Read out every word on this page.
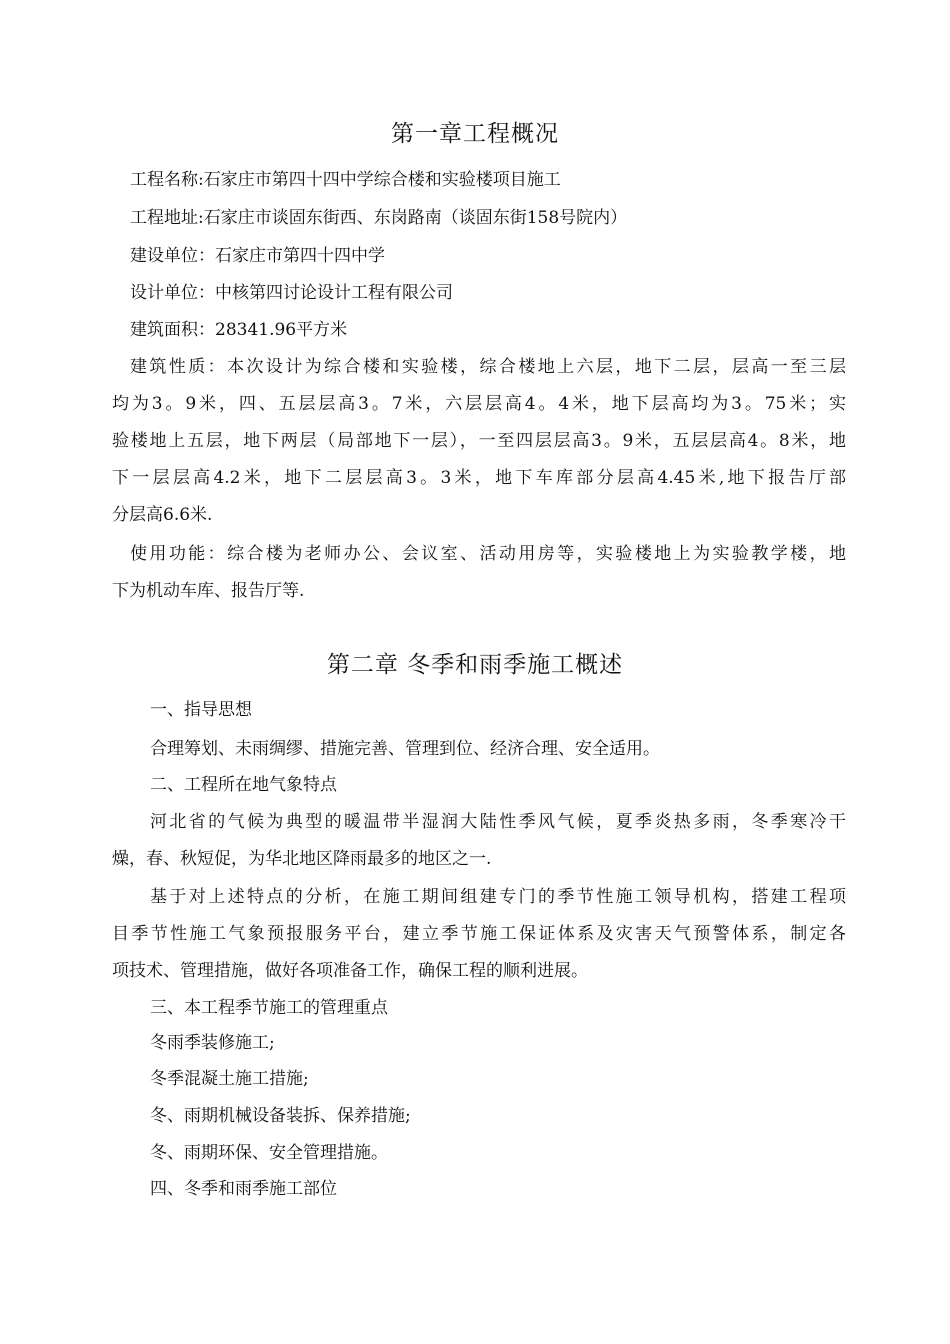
第一章工程概况
工程名称:石家庄市第四十四中学综合楼和实验楼项目施工
工程地址:石家庄市谈固东街西、东岗路南（谈固东街158号院内）
建设单位：石家庄市第四十四中学
设计单位：中核第四讨论设计工程有限公司
建筑面积：28341.96平方米
建筑性质：本次设计为综合楼和实验楼，综合楼地上六层，地下二层，层高一至三层
均为3。9米，四、五层层高3。7米，六层层高4。4米，地下层高均为3。75米；实
验楼地上五层，地下两层（局部地下一层），一至四层层高3。9米，五层层高4。8米，地
下一层层高4.2米，地下二层层高3。3米，地下车库部分层高4.45米,地下报告厅部
分层高6.6米.
使用功能：综合楼为老师办公、会议室、活动用房等，实验楼地上为实验教学楼，地
下为机动车库、报告厅等.
第二章 冬季和雨季施工概述
一、指导思想
合理筹划、未雨绸缪、措施完善、管理到位、经济合理、安全适用。
二、工程所在地气象特点
河北省的气候为典型的暖温带半湿润大陆性季风气候，夏季炎热多雨，冬季寒冷干
燥，春、秋短促，为华北地区降雨最多的地区之一.
基于对上述特点的分析，在施工期间组建专门的季节性施工领导机构，搭建工程项
目季节性施工气象预报服务平台，建立季节施工保证体系及灾害天气预警体系，制定各
项技术、管理措施，做好各项准备工作，确保工程的顺利进展。
三、本工程季节施工的管理重点
冬雨季装修施工;
冬季混凝土施工措施;
冬、雨期机械设备装拆、保养措施;
冬、雨期环保、安全管理措施。
四、冬季和雨季施工部位
